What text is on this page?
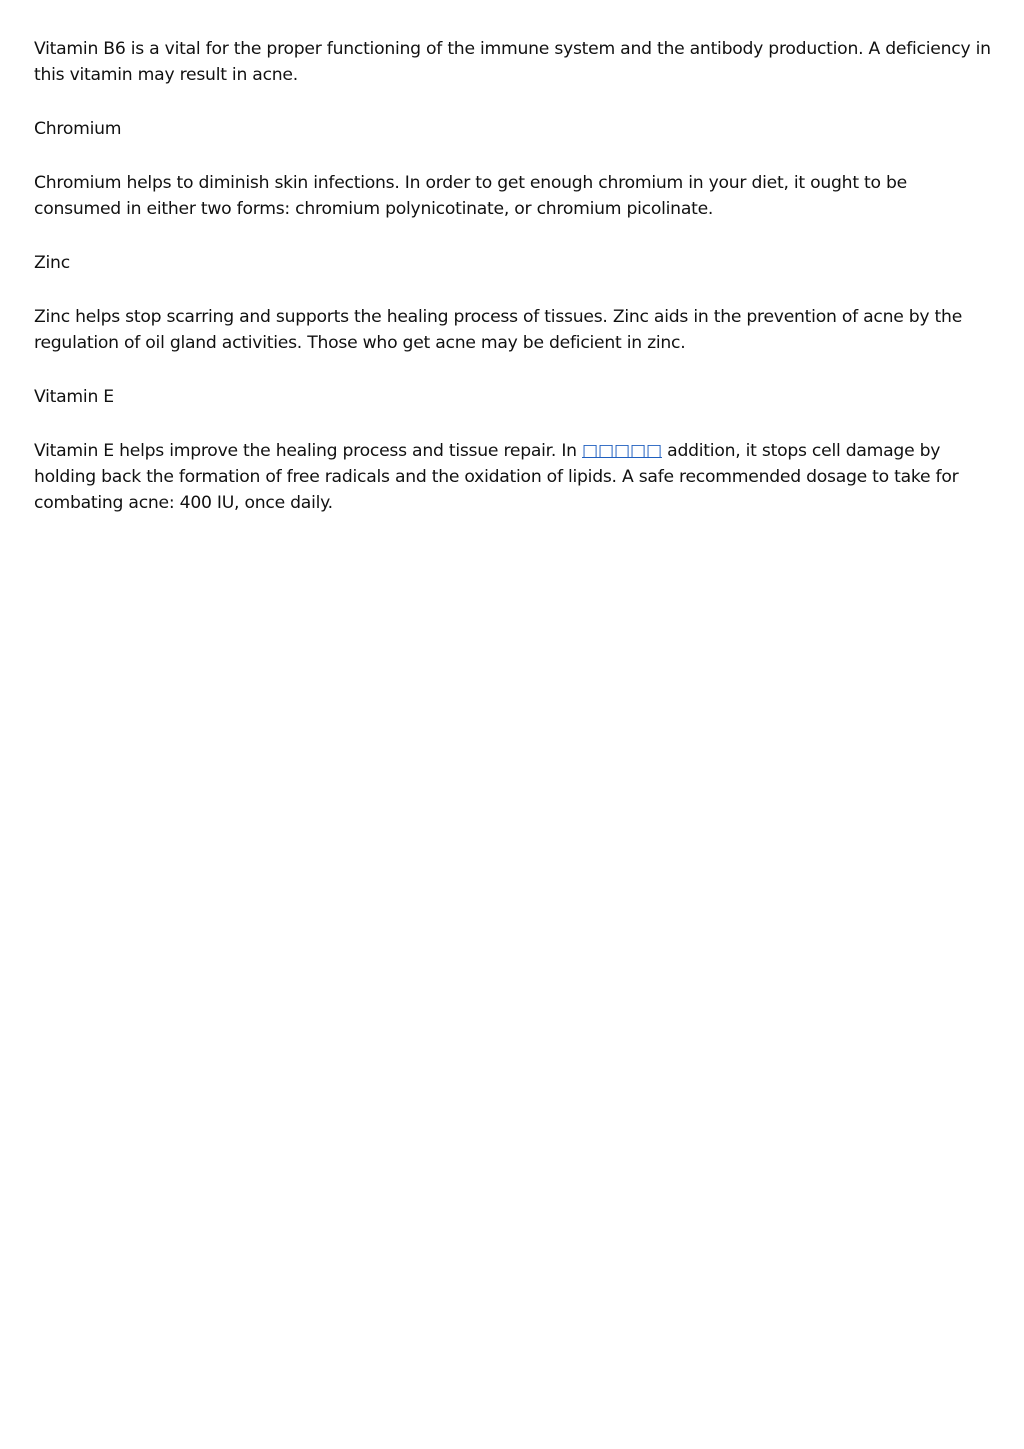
Vitamin B6 is a vital for the proper functioning of the immune system and the antibody production. A deficiency in this vitamin may result in acne.

Chromium

Chromium helps to diminish skin infections. In order to get enough chromium in your diet, it ought to be consumed in either two forms: chromium polynicotinate, or chromium picolinate.

Zinc

Zinc helps stop scarring and supports the healing process of tissues. Zinc aids in the prevention of acne by the regulation of oil gland activities. Those who get acne may be deficient in zinc.

Vitamin E

Vitamin E helps improve the healing process and tissue repair. In □□□□□ addition, it stops cell damage by holding back the formation of free radicals and the oxidation of lipids. A safe recommended dosage to take for combating acne: 400 IU, once daily.
